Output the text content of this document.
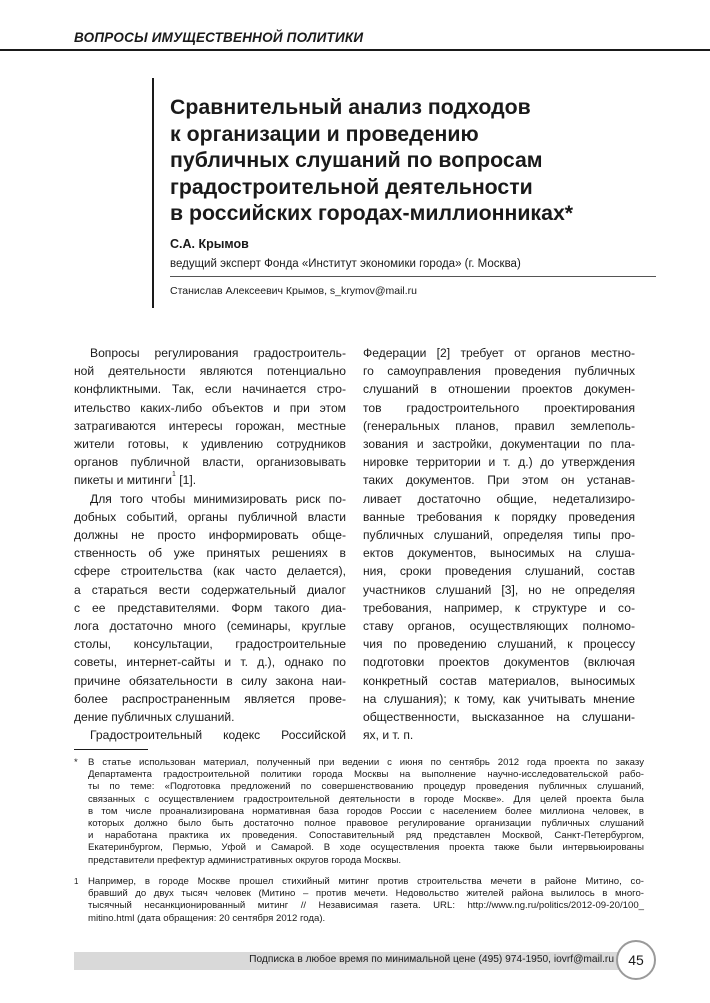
ВОПРОСЫ ИМУЩЕСТВЕННОЙ ПОЛИТИКИ
Сравнительный анализ подходов
к организации и проведению
публичных слушаний по вопросам
градостроительной деятельности
в российских городах-миллионниках*
С.А. Крымов
ведущий эксперт Фонда «Институт экономики города» (г. Москва)
Станислав Алексеевич Крымов, s_krymov@mail.ru
Вопросы регулирования градостроитель-
ной деятельности являются потенциально
конфликтными. Так, если начинается стро-
ительство каких-либо объектов и при этом
затрагиваются интересы горожан, местные
жители готовы, к удивлению сотрудников
органов публичной власти, организовывать
пикеты и митинги$^1$ [1].
Для того чтобы минимизировать риск по-
добных событий, органы публичной власти
должны не просто информировать обще-
ственность об уже принятых решениях в
сфере строительства (как часто делается),
а стараться вести содержательный диалог
с ее представителями. Форм такого диа-
лога достаточно много (семинары, круглые
столы, консультации, градостроительные
советы, интернет-сайты и т. д.), однако по
причине обязательности в силу закона наи-
более распространенным является прове-
дение публичных слушаний.
Градостроительный кодекс Российской
Федерации [2] требует от органов местно-
го самоуправления проведения публичных
слушаний в отношении проектов докумен-
тов градостроительного проектирования
(генеральных планов, правил землеполь-
зования и застройки, документации по пла-
нировке территории и т. д.) до утверждения
таких документов. При этом он устанав-
ливает достаточно общие, недетализиро-
ванные требования к порядку проведения
публичных слушаний, определяя типы про-
ектов документов, выносимых на слуша-
ния, сроки проведения слушаний, состав
участников слушаний [3], но не определяя
требования, например, к структуре и со-
ставу органов, осуществляющих полномо-
чия по проведению слушаний, к процессу
подготовки проектов документов (включая
конкретный состав материалов, выносимых
на слушания); к тому, как учитывать мнение
общественности, высказанное на слушани-
ях, и т. п.
* В статье использован материал, полученный при ведении с июня по сентябрь 2012 года проекта по заказу
Департамента градостроительной политики города Москвы на выполнение научно-исследовательской рабо-
ты по теме: «Подготовка предложений по совершенствованию процедур проведения публичных слушаний,
связанных с осуществлением градостроительной деятельности в городе Москве». Для целей проекта была
в том числе проанализирована нормативная база городов России с населением более миллиона человек, в
которых должно было быть достаточно полное правовое регулирование организации публичных слушаний
и наработана практика их проведения. Сопоставительный ряд представлен Москвой, Санкт-Петербургом,
Екатеринбургом, Пермью, Уфой и Самарой. В ходе осуществления проекта также были интервьюированы
представители префектур административных округов города Москвы.
1 Например, в городе Москве прошел стихийный митинг против строительства мечети в районе Митино, со-
бравший до двух тысяч человек (Митино – против мечети. Недовольство жителей района вылилось в много-
тысячный несанкционированный митинг // Независимая газета. URL: http://www.ng.ru/politics/2012-09-20/100_
mitino.html (дата обращения: 20 сентября 2012 года).
Подписка в любое время по минимальной цене (495) 974-1950, iovrf@mail.ru	45
